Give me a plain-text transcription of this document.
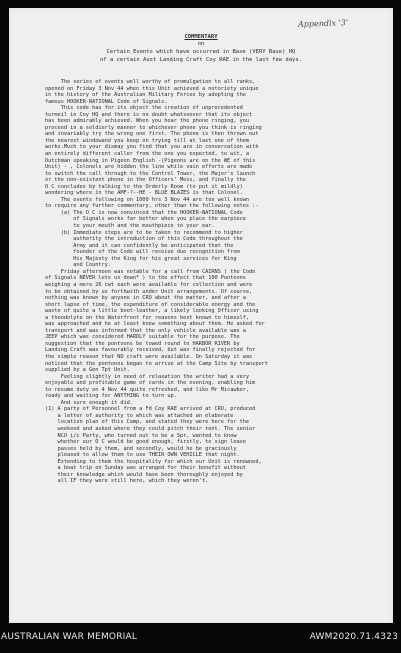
Appendix '3'
COMMENTARY
on
Certain Events which have occurred in Base (VERY Base) HQ
of a certain Aust Landing Craft Coy RAE in the last few days.
The series of events well worthy of promulgation to all ranks,
opened on Friday 3 Nov 44 when this Unit achieved a notoriety unique
in the history of the Australian Military Forces by adopting the
famous HOOKER-NATIONAL Code of Signals.
This code has for its object the creation of unprecedented
turmoil in Coy HQ and there is no doubt whatsoever that its object
has been admirably achieved. When you hear the phone ringing, you
proceed in a soldierly manner to whichever phone you think is ringing
and invariably try the wrong one first. The phone is then thrown out
the nearest windowand you keep on trying till at last one of them
works.Much to your dismay you find that you are in conversation with
an entirely different caller from the one you expected, to wit, a
Dutchman speaking in Pigeon English -(Pigeons are on the WE of this
Unit) - , Colonels are hidden the line while vain efforts are made
to switch the call through to the Control Tower, the Major's launch
or the non-existent phone in the Officers' Mess, and finally the
O C concludes by talking to the Orderly Room (to put it mildly)
wondering where in the AMF-?--HE - BLUE BLAZES is that Colonel.
The events following on 1000 hrs 3 Nov 44 are too well known
to require any further commentary, other than the following notes :-
(a) The O C is now convinced that the HOOKER-NATIONAL Code
of Signals works far better when you place the earpiece
to your mouth and the mouthpiece to your ear.
(b) Immediate steps are to be taken to recommend to higher
authority the introduction of this Code throughout the
Army and it can confidently be anticipated that the
founder of the Code will receive due recognition from
His Majesty the King for his great services for King
and Country.
Friday afternoon was notable for a call from CAIRNS ( the Code
of Signals NEVER lets us down* ) to the effect that 100 Pontoons
weighing a mere 26 cwt each were available for collection and were
to be obtained by us forthwith under Unit arrangements. Of course,
nothing was known by anyone in CRO about the matter, and after a
short lapse of time, the expenditure of considerable energy and the
waste of quite a little boot-leather, a likely looking Officer using
a theodolyte on the Waterfront for reasons best known to himself,
was approached and he at least knew something about them. He asked for
transport and was informed that the only vehicle available was a
JEEP which was considered HARDLY suitable for the purpose. The
suggestion that the pontoons be towed round to HARBOR RIVER by
Landing Craft was favourably received, but was finally rejected for
the simple reason that NO craft were available. On Saturday it was
noticed that the pontoons began to arrive at the Camp Site by transport
supplied by a Gen Tpt Unit.
Feeling slightly in need of relaxation the writer had a very
enjoyable and profitable game of cards in the evening, enabling him
to resume duty on 4 Nov 44 quite refreshed, and like Mr Micawber,
ready and waiting for ANYTHING to turn up.
And sure enough it did.
(1) A party of Personnel from a Fd Coy RAE arrived at CRO, produced
a letter of authority to which was attached an elaborate
location plan of this Camp, and stated they were here for the
weekend and asked where they could pitch their tent. The senior
NCO i/c Party, who turned out to be a Spr, wanted to know
whether our O C would be good enough, firstly, to sign leave
passes held by them, and secondly, would he be graciously
pleased to allow them to use THEIR OWN VEHICLE that night.
Extending to them the hospitality for which our Unit is renowned,
a boat trip on Sunday was arranged for their benefit without
their knowledge which would have been thoroughly enjoyed by
all IF they were still here, which they weren't.
AUSTRALIAN WAR MEMORIAL	AWM2020.71.4323
